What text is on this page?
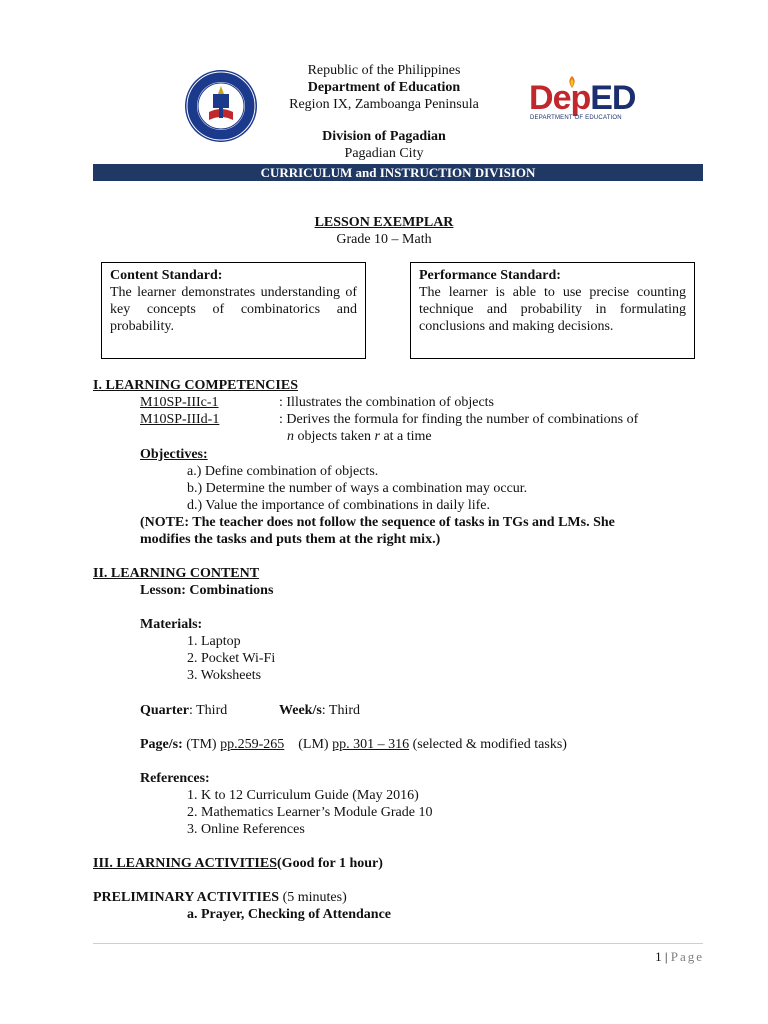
Republic of the Philippines
Department of Education
Region IX, Zamboanga Peninsula	DepED
DEPARTMENT OF EDUCATION
Division of Pagadian
Pagadian City
CURRICULUM and INSTRUCTION DIVISION
LESSON EXEMPLAR
Grade 10 – Math
Content Standard:
The learner demonstrates understanding of key concepts of combinatorics and probability.
Performance Standard:
The learner is able to use precise counting technique and probability in formulating conclusions and making decisions.
I. LEARNING COMPETENCIES
M10SP-IIIc-1	: Illustrates the combination of objects
M10SP-IIId-1	: Derives the formula for finding the number of combinations of
n objects taken r at a time
Objectives:
a.) Define combination of objects.
b.) Determine the number of ways a combination may occur.
d.) Value the importance of combinations in daily life.
(NOTE: The teacher does not follow the sequence of tasks in TGs and LMs. She
modifies the tasks and puts them at the right mix.)
II. LEARNING CONTENT
Lesson: Combinations
Materials:
1. Laptop
2. Pocket Wi-Fi
3. Woksheets
Quarter: Third	Week/s: Third
Page/s: (TM) pp.259-265    (LM) pp. 301 – 316 (selected & modified tasks)
References:
1. K to 12 Curriculum Guide (May 2016)
2. Mathematics Learner’s Module Grade 10
3. Online References
III. LEARNING ACTIVITIES(Good for 1 hour)
PRELIMINARY ACTIVITIES (5 minutes)
a. Prayer, Checking of Attendance
1 | Page
